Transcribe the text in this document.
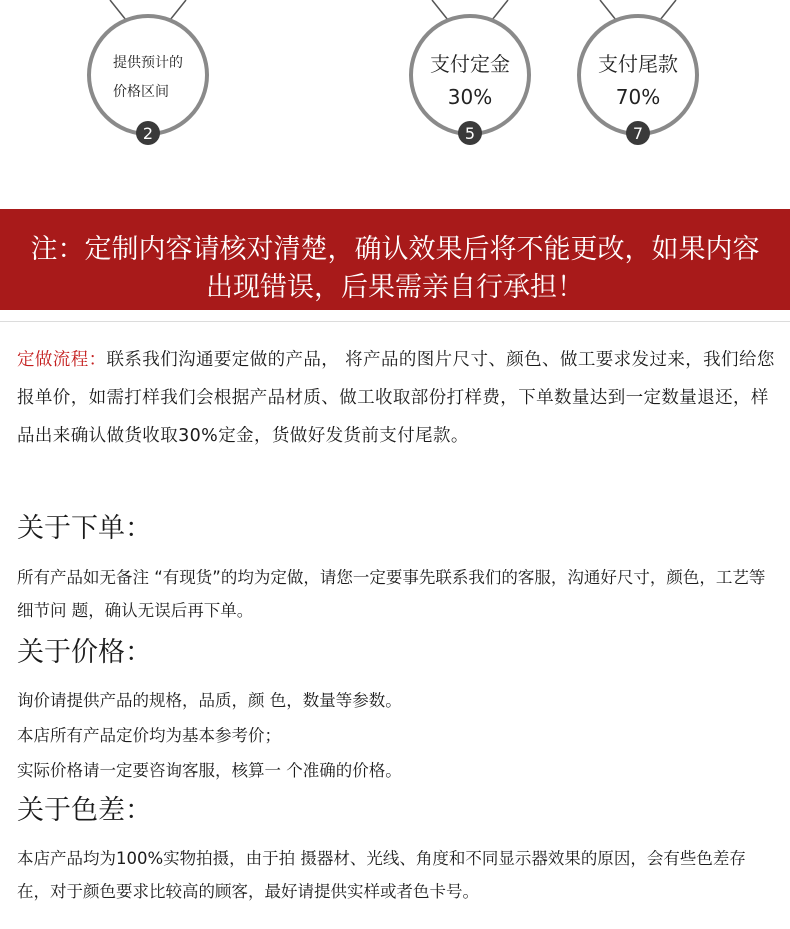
提供预计的
价格区间
2
支付定金
30%
5
支付尾款
70%
7
注：定制内容请核对清楚，确认效果后将不能更改，如果内容
出现错误，后果需亲自行承担！
定做流程：联系我们沟通要定做的产品， 将产品的图片尺寸、颜色、做工要求发过来，我们给您报单价，如需打样我们会根据产品材质、做工收取部份打样费，下单数量达到一定数量退还，样品出来确认做货收取30%定金，货做好发货前支付尾款。
关于下单：
所有产品如无备注 “有现货”的均为定做，请您一定要事先联系我们的客服，沟通好尺寸，颜色，工艺等细节问 题，确认无误后再下单。
关于价格：
询价请提供产品的规格，品质，颜 色，数量等参数。
本店所有产品定价均为基本参考价；
实际价格请一定要咨询客服，核算一 个准确的价格。
关于色差：
本店产品均为100%实物拍摄，由于拍 摄器材、光线、角度和不同显示器效果的原因，会有些色差存在，对于颜色要求比较高的顾客，最好请提供实样或者色卡号。
